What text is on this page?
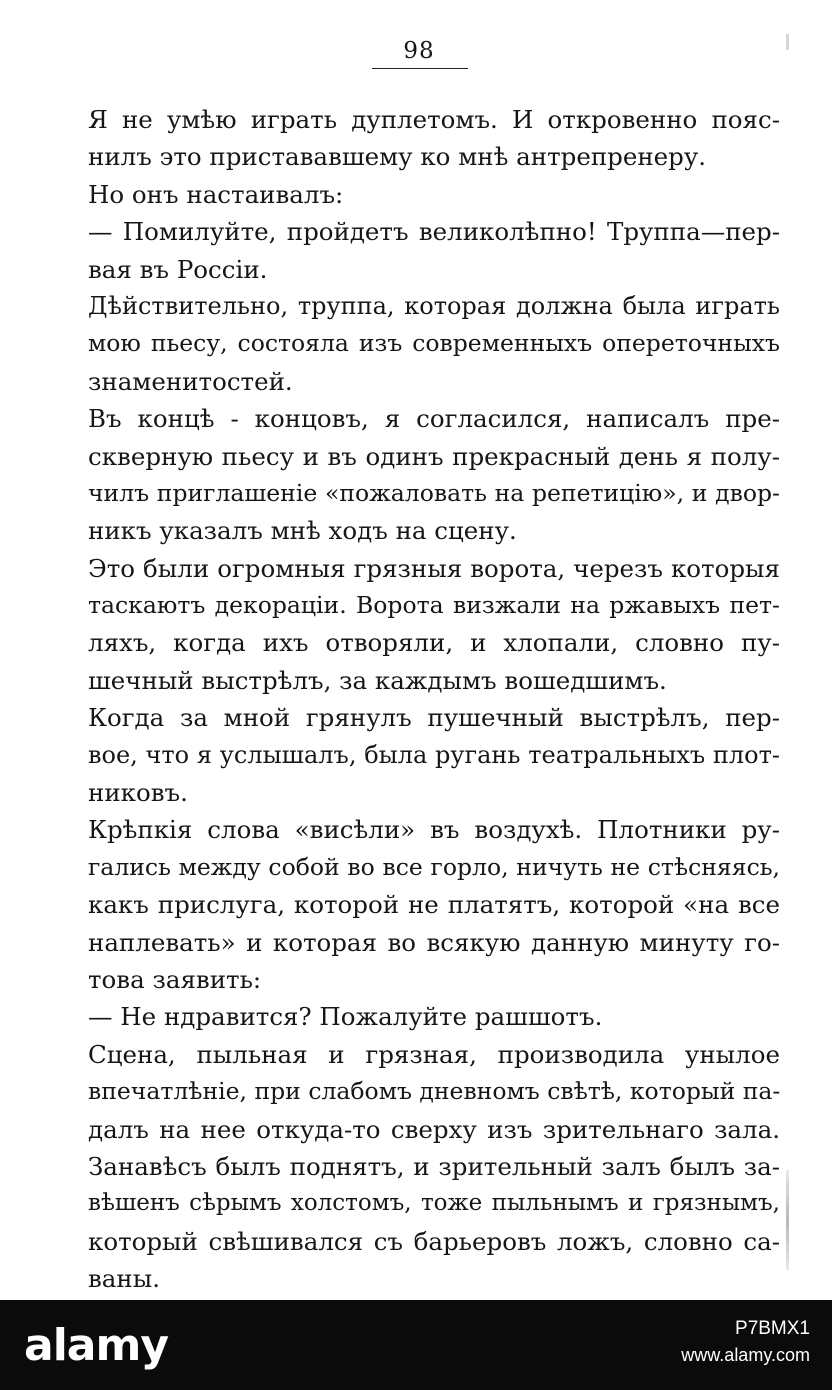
98
Я не умѣю играть дуплетомъ. И откровенно пояс-
нилъ это пристававшему ко мнѣ антрепренеру.
Но онъ настаивалъ:
— Помилуйте, пройдетъ великолѣпно! Труппа—пер-
вая въ Россіи.
Дѣйствительно, труппа, которая должна была играть
мою пьесу, состояла изъ современныхъ опереточныхъ
знаменитостей.
Въ концѣ - концовъ, я согласился, написалъ пре-
скверную пьесу и въ одинъ прекрасный день я полу-
чилъ приглашеніе «пожаловать на репетицію», и двор-
никъ указалъ мнѣ ходъ на сцену.
Это были огромныя грязныя ворота, черезъ которыя
таскаютъ декораціи. Ворота визжали на ржавыхъ пет-
ляхъ, когда ихъ отворяли, и хлопали, словно пу-
шечный выстрѣлъ, за каждымъ вошедшимъ.
Когда за мной грянулъ пушечный выстрѣлъ, пер-
вое, что я услышалъ, была ругань театральныхъ плот-
никовъ.
Крѣпкія слова «висѣли» въ воздухѣ. Плотники ру-
гались между собой во все горло, ничуть не стѣсняясь,
какъ прислуга, которой не платятъ, которой «на все
наплевать» и которая во всякую данную минуту го-
това заявить:
— Не ндравится? Пожалуйте рашшотъ.
Сцена, пыльная и грязная, производила унылое
впечатлѣніе, при слабомъ дневномъ свѣтѣ, который па-
далъ на нее откуда-то сверху изъ зрительнаго зала.
Занавѣсъ былъ поднятъ, и зрительный залъ былъ за-
вѣшенъ сѣрымъ холстомъ, тоже пыльнымъ и грязнымъ,
который свѣшивался съ барьеровъ ложъ, словно са-
ваны.
alamy	P7BMX1
www.alamy.com
